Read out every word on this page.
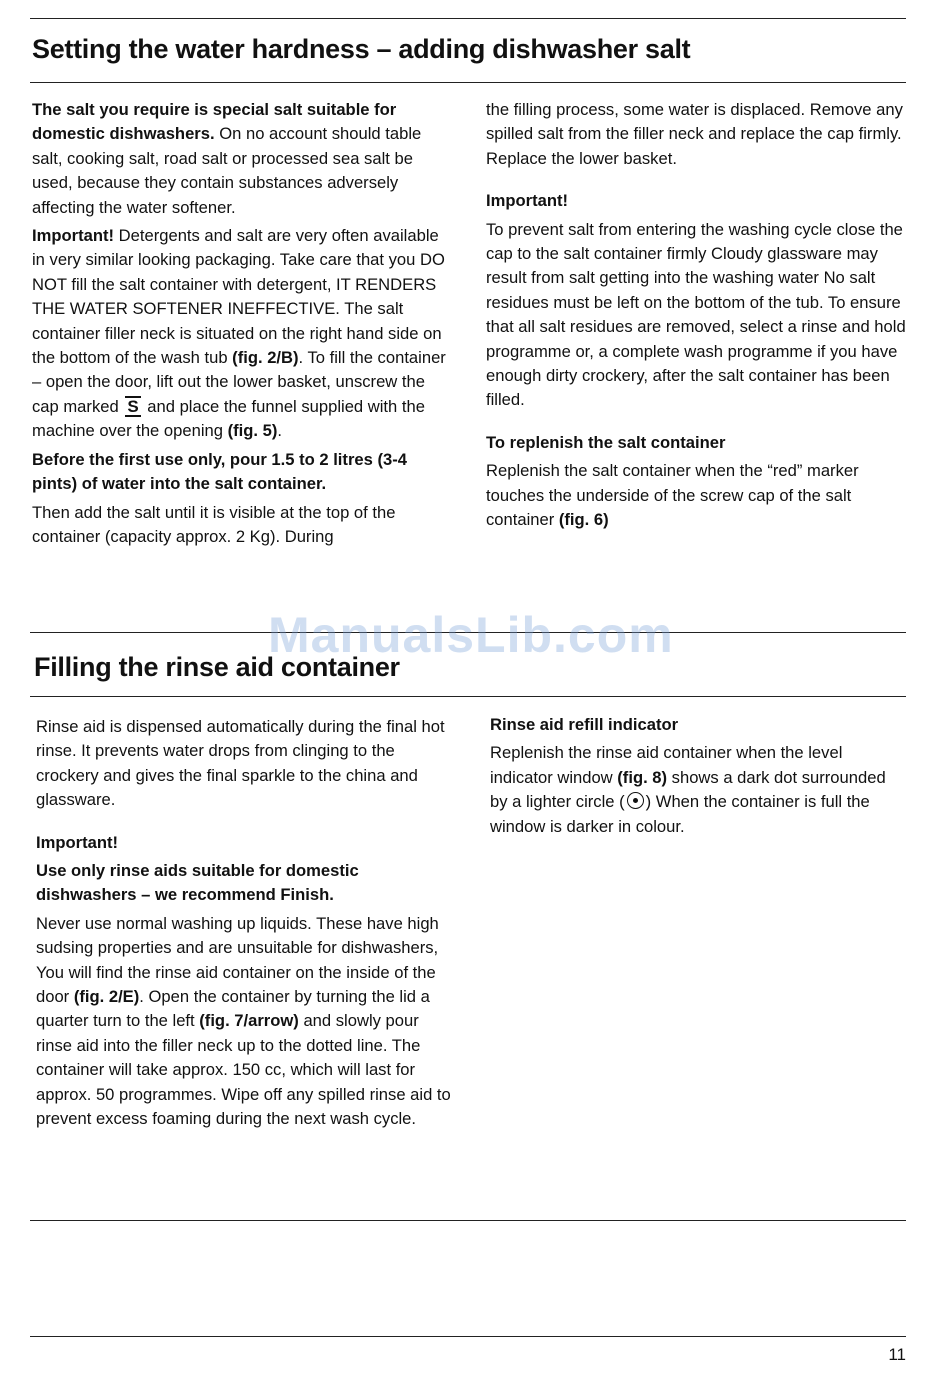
Setting the water hardness – adding dishwasher salt

The salt you require is special salt suitable for domestic dishwashers. On no account should table salt, cooking salt, road salt or processed sea salt be used, because they contain substances adversely affecting the water softener.

Important! Detergents and salt are very often available in very similar looking packaging. Take care that you DO NOT fill the salt container with detergent, IT RENDERS THE WATER SOFTENER INEFFECTIVE. The salt container filler neck is situated on the right hand side on the bottom of the wash tub (fig. 2/B). To fill the container – open the door, lift out the lower basket, unscrew the cap marked S and place the funnel supplied with the machine over the opening (fig. 5).

Before the first use only, pour 1.5 to 2 litres (3-4 pints) of water into the salt container.

Then add the salt until it is visible at the top of the container (capacity approx. 2 Kg). During

the filling process, some water is displaced. Remove any spilled salt from the filler neck and replace the cap firmly. Replace the lower basket.

Important!

To prevent salt from entering the washing cycle close the cap to the salt container firmly Cloudy glassware may result from salt getting into the washing water No salt residues must be left on the bottom of the tub. To ensure that all salt residues are removed, select a rinse and hold programme or, a complete wash programme if you have enough dirty crockery, after the salt container has been filled.

To replenish the salt container

Replenish the salt container when the “red” marker touches the underside of the screw cap of the salt container (fig. 6)

ManualsLib.com
Filling the rinse aid container

Rinse aid is dispensed automatically during the final hot rinse. It prevents water drops from clinging to the crockery and gives the final sparkle to the china and glassware.

Important!

Use only rinse aids suitable for domestic dishwashers – we recommend Finish.

Never use normal washing up liquids. These have high sudsing properties and are unsuitable for dishwashers, You will find the rinse aid container on the inside of the door (fig. 2/E). Open the container by turning the lid a quarter turn to the left (fig. 7/arrow) and slowly pour rinse aid into the filler neck up to the dotted line. The container will take approx. 150 cc, which will last for approx. 50 programmes. Wipe off any spilled rinse aid to prevent excess foaming during the next wash cycle.

Rinse aid refill indicator

Replenish the rinse aid container when the level indicator window (fig. 8) shows a dark dot surrounded by a lighter circle ( ) When the container is full the window is darker in colour.

11
